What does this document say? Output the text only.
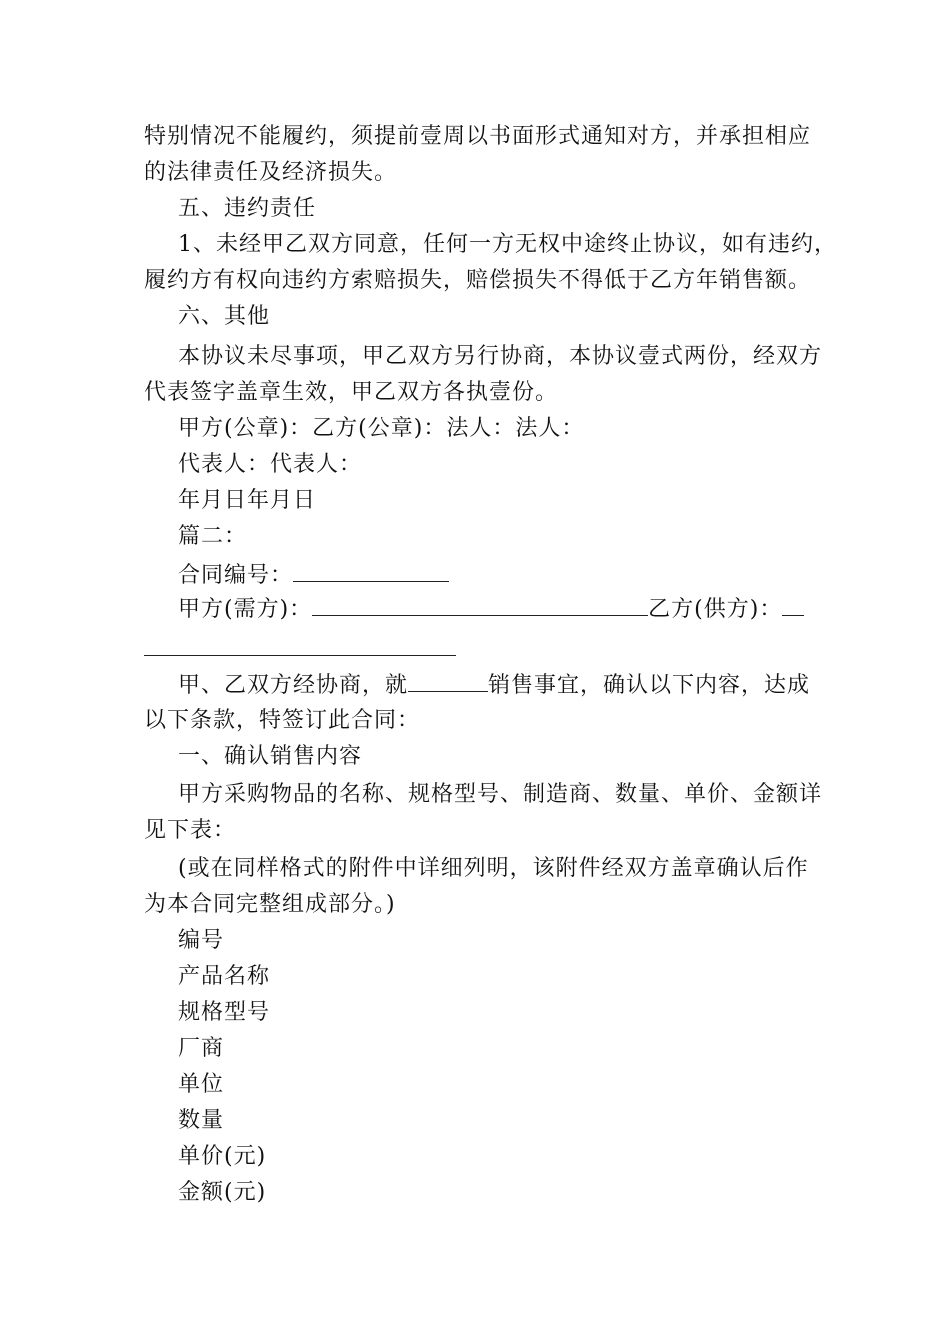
特别情况不能履约，须提前壹周以书面形式通知对方，并承担相应
的法律责任及经济损失。
五、违约责任
1、未经甲乙双方同意，任何一方无权中途终止协议，如有违约，
履约方有权向违约方索赔损失，赔偿损失不得低于乙方年销售额。
六、其他
本协议未尽事项，甲乙双方另行协商，本协议壹式两份，经双方
代表签字盖章生效，甲乙双方各执壹份。
甲方(公章)：乙方(公章)：法人：法人：
代表人：代表人：
年月日年月日
篇二：
合同编号：
甲方(需方)：	乙方(供方)：
甲、乙双方经协商，就	销售事宜，确认以下内容，达成
以下条款，特签订此合同：
一、确认销售内容
甲方采购物品的名称、规格型号、制造商、数量、单价、金额详
见下表：
(或在同样格式的附件中详细列明，该附件经双方盖章确认后作
为本合同完整组成部分。)
编号
产品名称
规格型号
厂商
单位
数量
单价(元)
金额(元)
